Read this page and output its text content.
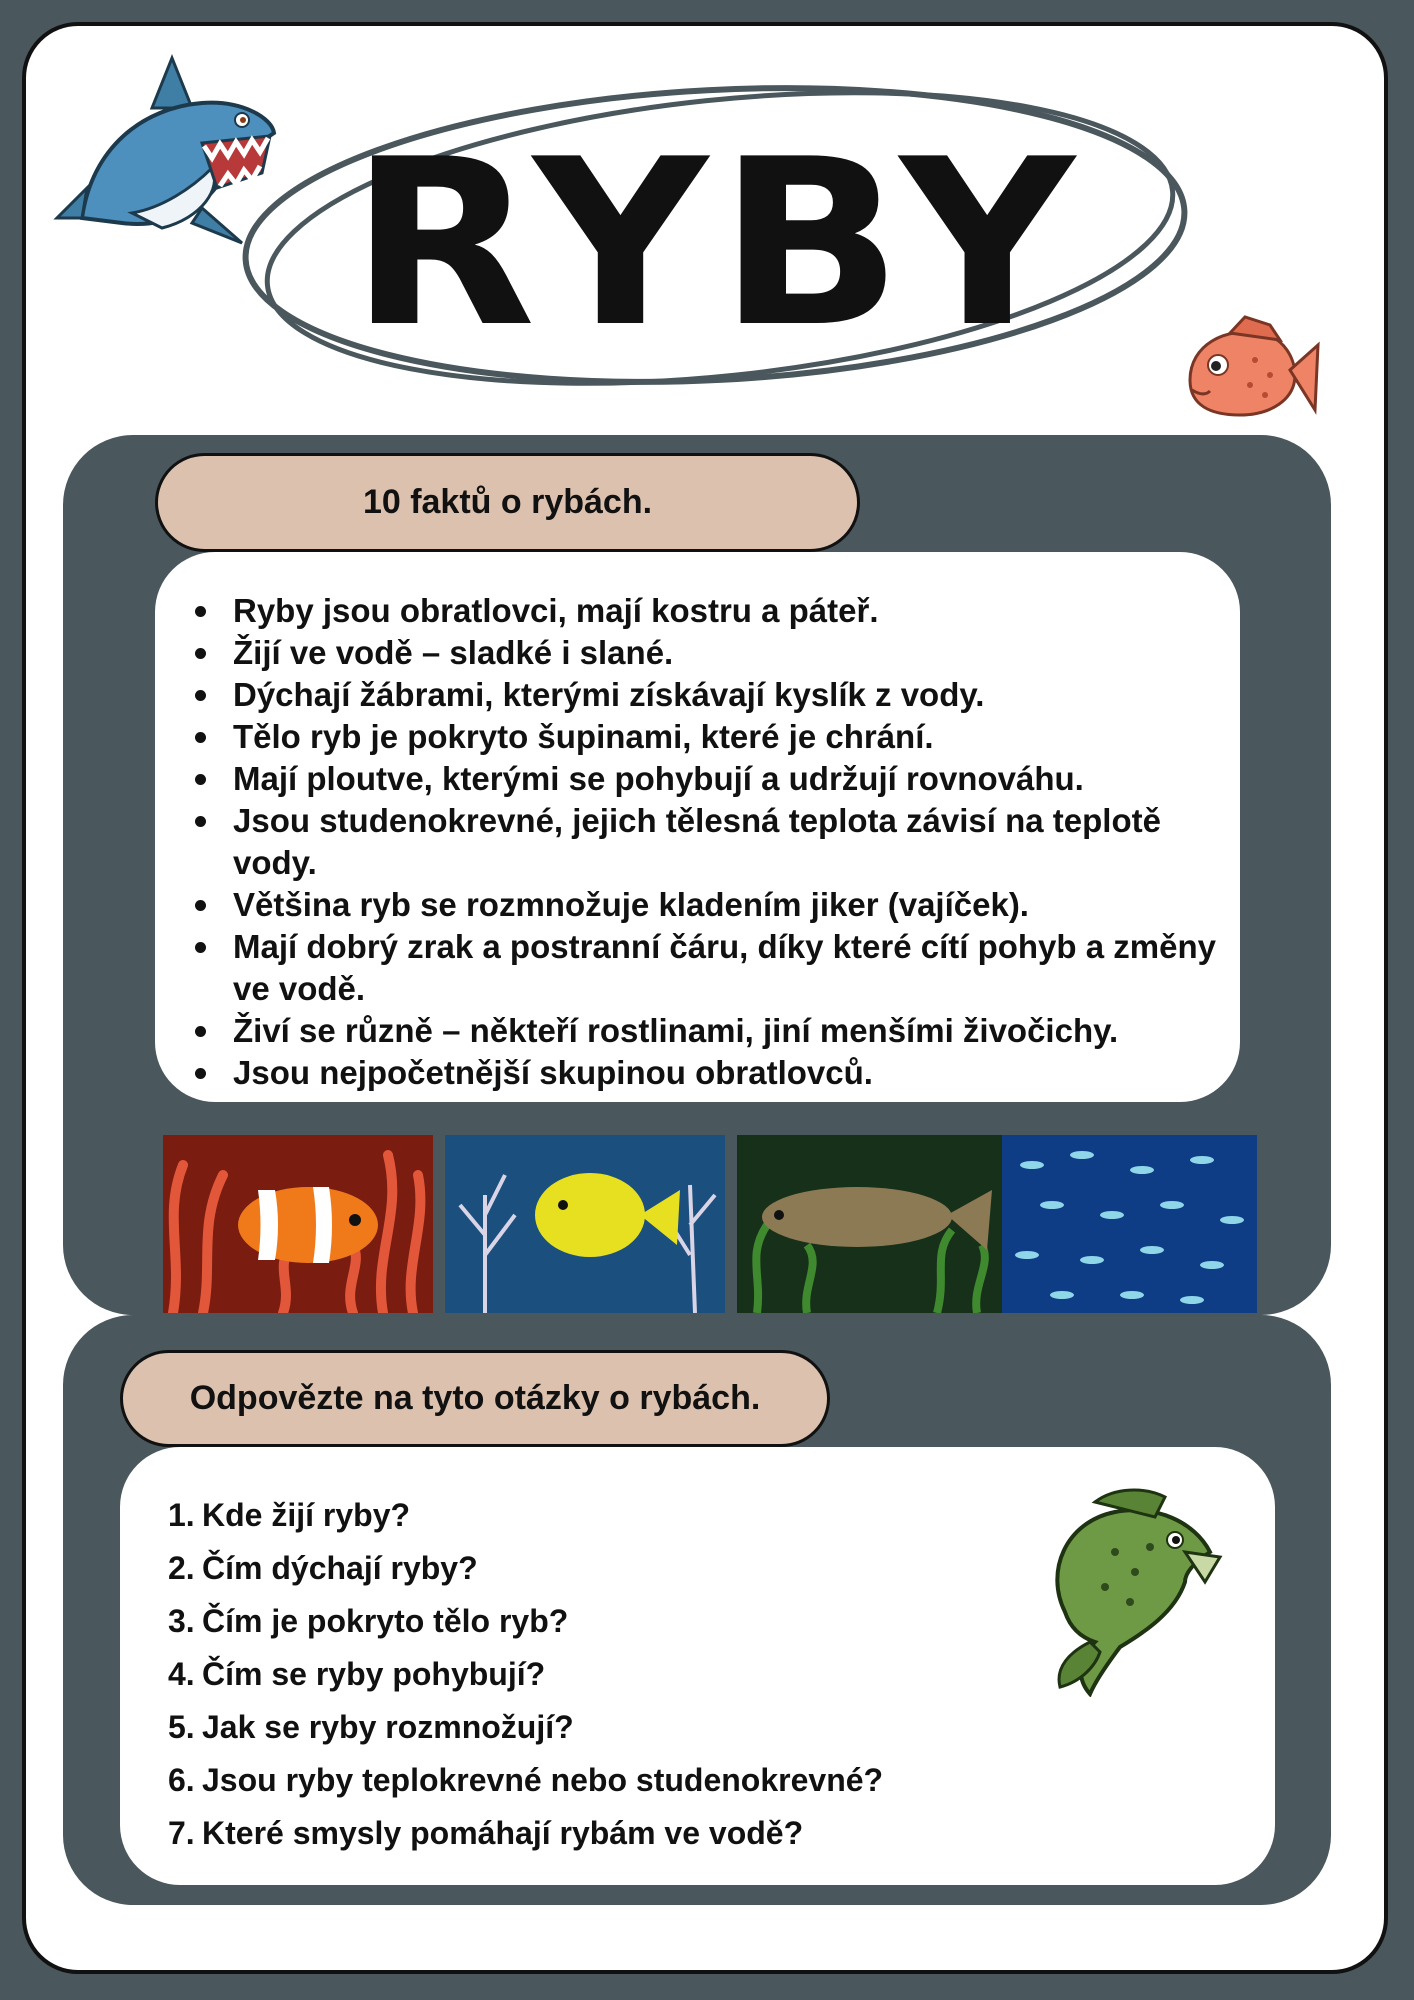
RYBY
Ryby jsou obratlovci, mají kostru a páteř.
Žijí ve vodě – sladké i slané.
Dýchají žábrami, kterými získávají kyslík z vody.
Tělo ryb je pokryto šupinami, které je chrání.
Mají ploutve, kterými se pohybují a udržují rovnováhu.
Jsou studenokrevné, jejich tělesná teplota závisí na teplotě vody.
Většina ryb se rozmnožuje kladením jiker (vajíček).
Mají dobrý zrak a postranní čáru, díky které cítí pohyb a změny ve vodě.
Živí se různě – někteří rostlinami, jiní menšími živočichy.
Jsou nejpočetnější skupinou obratlovců.
10 faktů o rybách.
1. Kde žijí ryby?
2. Čím dýchají ryby?
3. Čím je pokryto tělo ryb?
4. Čím se ryby pohybují?
5. Jak se ryby rozmnožují?
6. Jsou ryby teplokrevné nebo studenokrevné?
7. Které smysly pomáhají rybám ve vodě?
Odpovězte na tyto otázky o rybách.
